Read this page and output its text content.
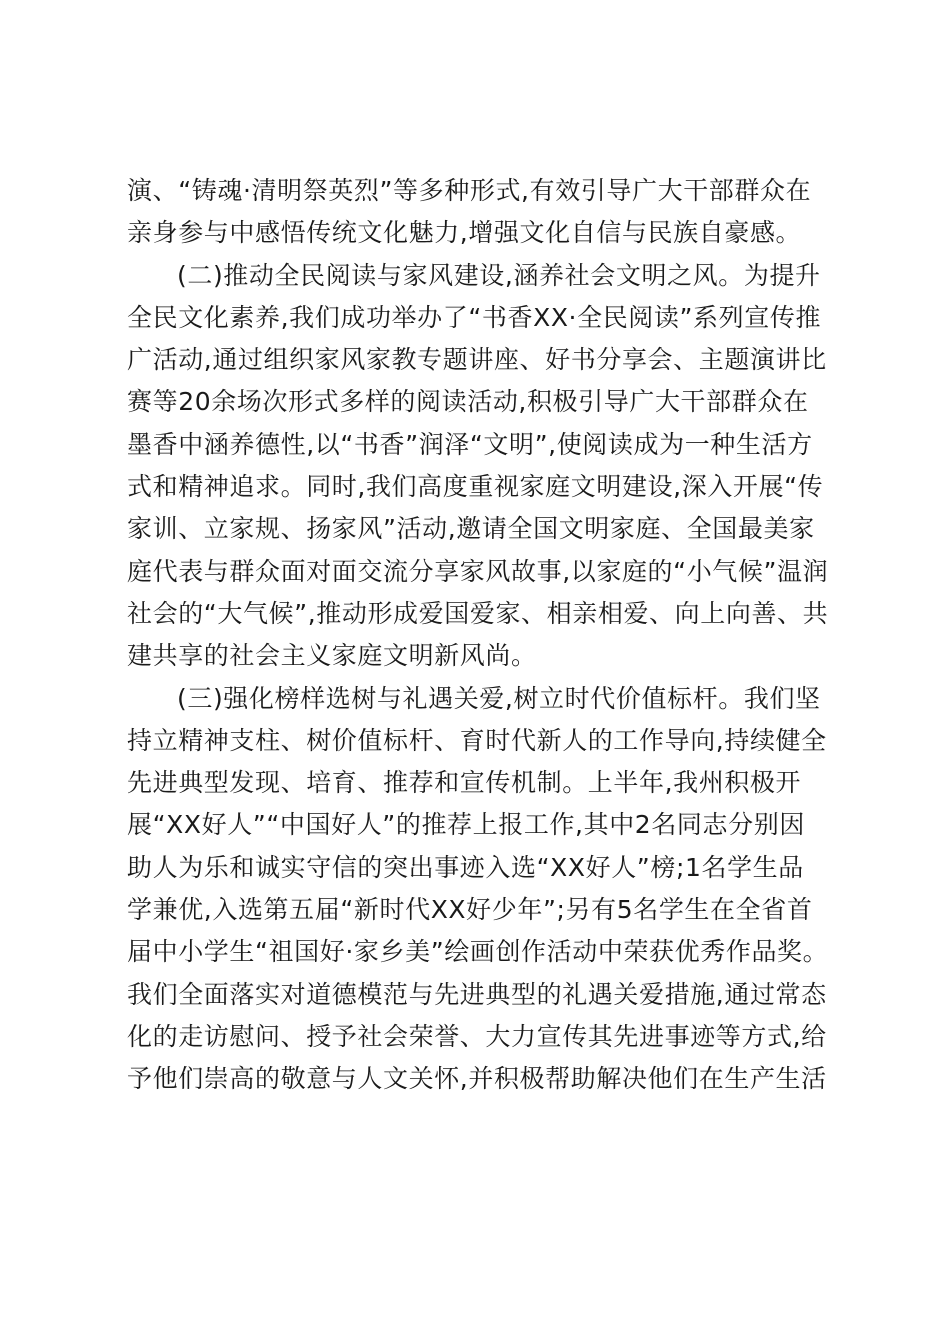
演、“铸魂·清明祭英烈”等多种形式,有效引导广大干部群众在
亲身参与中感悟传统文化魅力,增强文化自信与民族自豪感。
(二)推动全民阅读与家风建设,涵养社会文明之风。为提升
全民文化素养,我们成功举办了“书香XX·全民阅读”系列宣传推
广活动,通过组织家风家教专题讲座、好书分享会、主题演讲比
赛等20余场次形式多样的阅读活动,积极引导广大干部群众在
墨香中涵养德性,以“书香”润泽“文明”,使阅读成为一种生活方
式和精神追求。同时,我们高度重视家庭文明建设,深入开展“传
家训、立家规、扬家风”活动,邀请全国文明家庭、全国最美家
庭代表与群众面对面交流分享家风故事,以家庭的“小气候”温润
社会的“大气候”,推动形成爱国爱家、相亲相爱、向上向善、共
建共享的社会主义家庭文明新风尚。
(三)强化榜样选树与礼遇关爱,树立时代价值标杆。我们坚
持立精神支柱、树价值标杆、育时代新人的工作导向,持续健全
先进典型发现、培育、推荐和宣传机制。上半年,我州积极开
展“XX好人”“中国好人”的推荐上报工作,其中2名同志分别因
助人为乐和诚实守信的突出事迹入选“XX好人”榜;1名学生品
学兼优,入选第五届“新时代XX好少年”;另有5名学生在全省首
届中小学生“祖国好·家乡美”绘画创作活动中荣获优秀作品奖。
我们全面落实对道德模范与先进典型的礼遇关爱措施,通过常态
化的走访慰问、授予社会荣誉、大力宣传其先进事迹等方式,给
予他们崇高的敬意与人文关怀,并积极帮助解决他们在生产生活
